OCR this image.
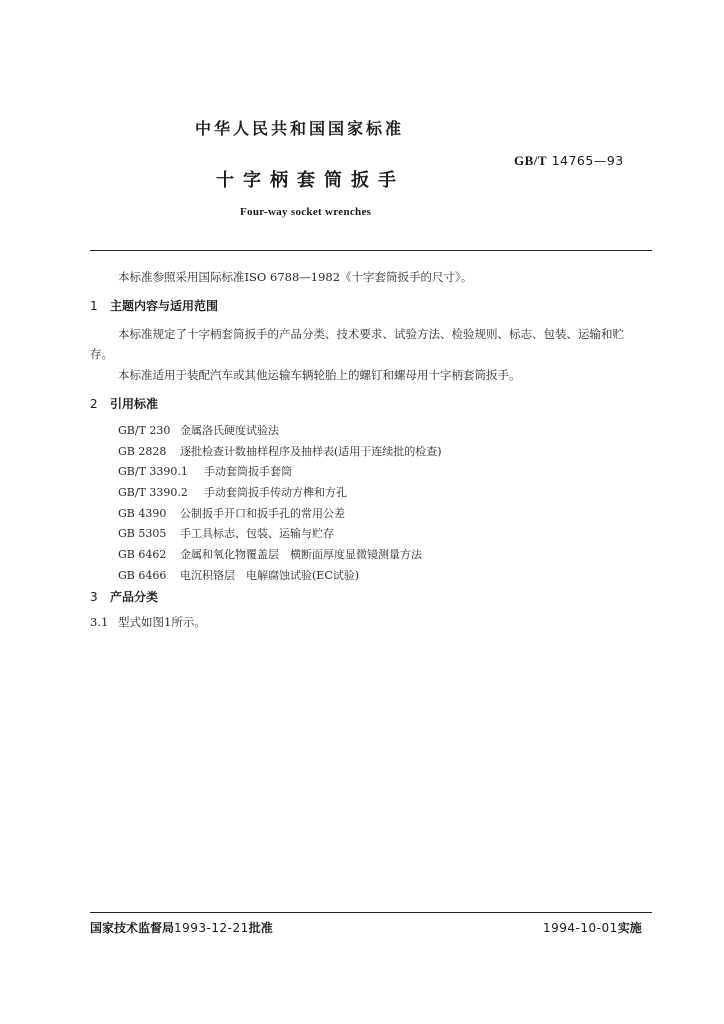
中华人民共和国国家标准
GB/T 14765—93
十字柄套筒扳手
Four-way socket wrenches
本标准参照采用国际标准ISO 6788—1982《十字套筒扳手的尺寸》。
1 主题内容与适用范围
本标准规定了十字柄套筒扳手的产品分类、技术要求、试验方法、检验规则、标志、包装、运输和贮
存。
本标准适用于装配汽车或其他运输车辆轮胎上的螺钉和螺母用十字柄套筒扳手。
2 引用标准
GB/T 230 金属洛氏硬度试验法
GB 2828 逐批检查计数抽样程序及抽样表(适用于连续批的检查)
GB/T 3390.1 手动套筒扳手套筒
GB/T 3390.2 手动套筒扳手传动方榫和方孔
GB 4390 公制扳手开口和扳手孔的常用公差
GB 5305 手工具标志、包装、运输与贮存
GB 6462 金属和氧化物覆盖层　横断面厚度显微镜测量方法
GB 6466 电沉积铬层　电解腐蚀试验(EC试验)
3 产品分类
3.1 型式如图1所示。
国家技术监督局1993-12-21批准	1994-10-01实施
